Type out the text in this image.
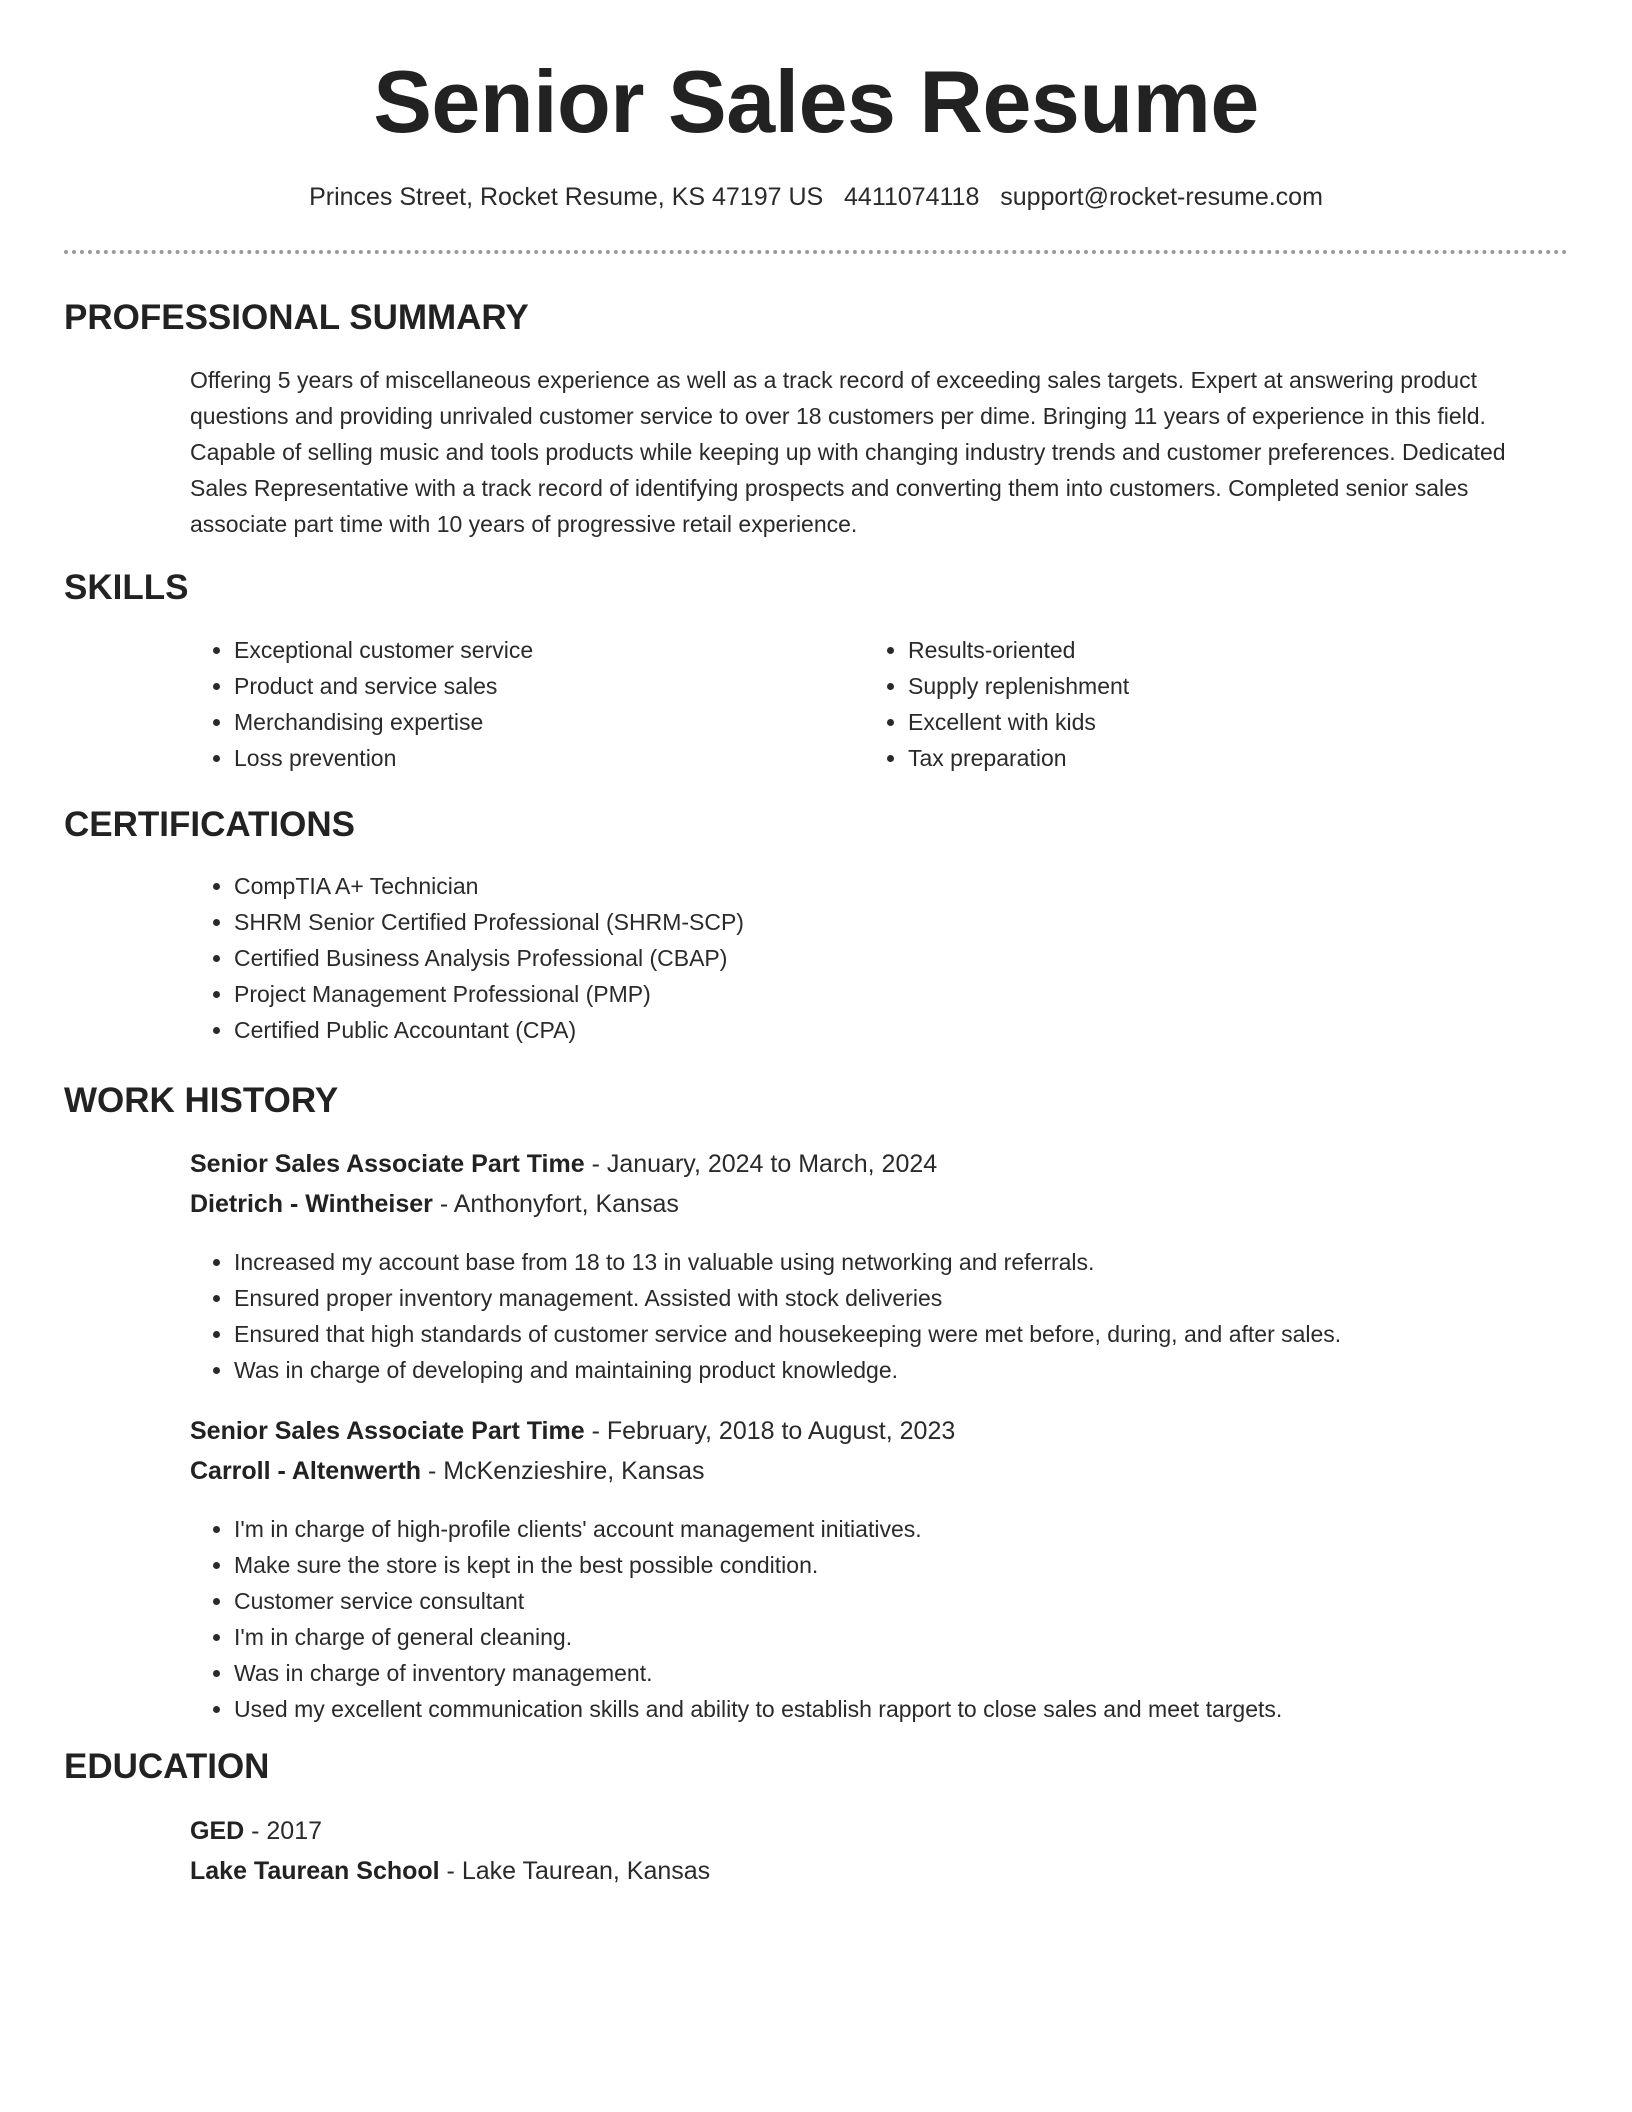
Senior Sales Resume
Princes Street, Rocket Resume, KS 47197 US 4411074118 support@rocket-resume.com
PROFESSIONAL SUMMARY

Offering 5 years of miscellaneous experience as well as a track record of exceeding sales targets. Expert at answering product questions and providing unrivaled customer service to over 18 customers per dime. Bringing 11 years of experience in this field. Capable of selling music and tools products while keeping up with changing industry trends and customer preferences. Dedicated Sales Representative with a track record of identifying prospects and converting them into customers. Completed senior sales associate part time with 10 years of progressive retail experience.

SKILLS
• Exceptional customer service
• Product and service sales
• Merchandising expertise
• Loss prevention
• Results-oriented
• Supply replenishment
• Excellent with kids
• Tax preparation
CERTIFICATIONS
• CompTIA A+ Technician
• SHRM Senior Certified Professional (SHRM-SCP)
• Certified Business Analysis Professional (CBAP)
• Project Management Professional (PMP)
• Certified Public Accountant (CPA)
WORK HISTORY
Senior Sales Associate Part Time - January, 2024 to March, 2024
Dietrich - Wintheiser - Anthonyfort, Kansas
• Increased my account base from 18 to 13 in valuable using networking and referrals.
• Ensured proper inventory management. Assisted with stock deliveries
• Ensured that high standards of customer service and housekeeping were met before, during, and after sales.
• Was in charge of developing and maintaining product knowledge.
Senior Sales Associate Part Time - February, 2018 to August, 2023
Carroll - Altenwerth - McKenzieshire, Kansas
• I'm in charge of high-profile clients' account management initiatives.
• Make sure the store is kept in the best possible condition.
• Customer service consultant
• I'm in charge of general cleaning.
• Was in charge of inventory management.
• Used my excellent communication skills and ability to establish rapport to close sales and meet targets.
EDUCATION
GED - 2017
Lake Taurean School - Lake Taurean, Kansas
